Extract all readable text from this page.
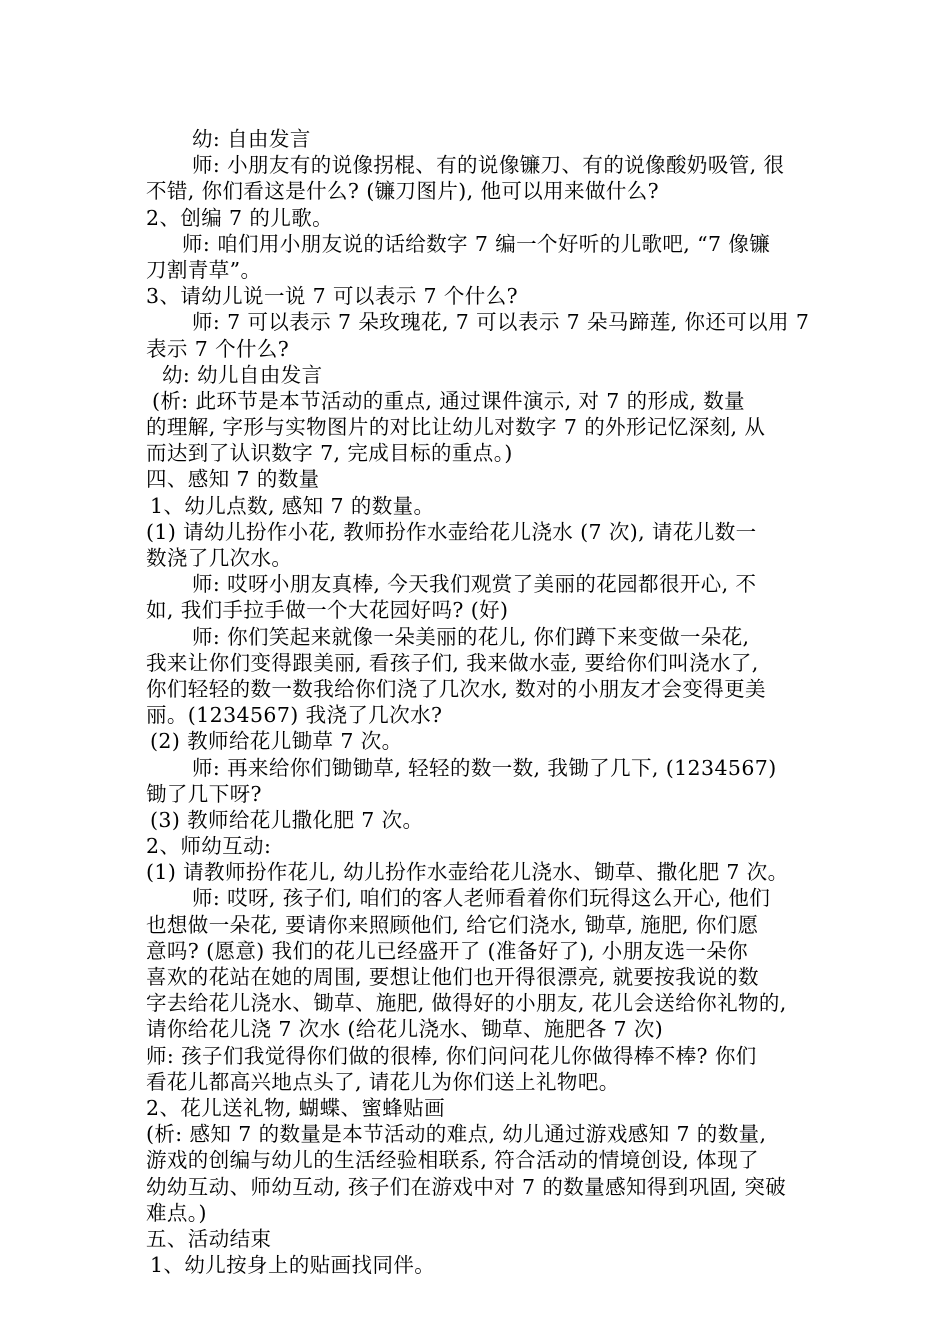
幼: 自由发言
师: 小朋友有的说像拐棍、有的说像镰刀、有的说像酸奶吸管, 很
不错, 你们看这是什么? (镰刀图片), 他可以用来做什么?
2、创编 7 的儿歌。
师: 咱们用小朋友说的话给数字 7 编一个好听的儿歌吧, “7 像镰
刀割青草”。
3、请幼儿说一说 7 可以表示 7 个什么?
师: 7 可以表示 7 朵玫瑰花, 7 可以表示 7 朵马蹄莲, 你还可以用 7
表示 7 个什么?
幼: 幼儿自由发言
(析: 此环节是本节活动的重点, 通过课件演示, 对 7 的形成, 数量
的理解, 字形与实物图片的对比让幼儿对数字 7 的外形记忆深刻, 从
而达到了认识数字 7, 完成目标的重点。)
四、感知 7 的数量
1、幼儿点数, 感知 7 的数量。
(1) 请幼儿扮作小花, 教师扮作水壶给花儿浇水 (7 次), 请花儿数一
数浇了几次水。
师: 哎呀小朋友真棒, 今天我们观赏了美丽的花园都很开心, 不
如, 我们手拉手做一个大花园好吗? (好)
师: 你们笑起来就像一朵美丽的花儿, 你们蹲下来变做一朵花,
我来让你们变得跟美丽, 看孩子们, 我来做水壶, 要给你们叫浇水了,
你们轻轻的数一数我给你们浇了几次水, 数对的小朋友才会变得更美
丽。(1234567) 我浇了几次水?
(2) 教师给花儿锄草 7 次。
师: 再来给你们锄锄草, 轻轻的数一数, 我锄了几下, (1234567)
锄了几下呀?
(3) 教师给花儿撒化肥 7 次。
2、师幼互动:
(1) 请教师扮作花儿, 幼儿扮作水壶给花儿浇水、锄草、撒化肥 7 次。
师: 哎呀, 孩子们, 咱们的客人老师看着你们玩得这么开心, 他们
也想做一朵花, 要请你来照顾他们, 给它们浇水, 锄草, 施肥, 你们愿
意吗? (愿意) 我们的花儿已经盛开了 (准备好了), 小朋友选一朵你
喜欢的花站在她的周围, 要想让他们也开得很漂亮, 就要按我说的数
字去给花儿浇水、锄草、施肥, 做得好的小朋友, 花儿会送给你礼物的,
请你给花儿浇 7 次水 (给花儿浇水、锄草、施肥各 7 次)
师: 孩子们我觉得你们做的很棒, 你们问问花儿你做得棒不棒? 你们
看花儿都高兴地点头了, 请花儿为你们送上礼物吧。
2、花儿送礼物, 蝴蝶、蜜蜂贴画
(析: 感知 7 的数量是本节活动的难点, 幼儿通过游戏感知 7 的数量,
游戏的创编与幼儿的生活经验相联系, 符合活动的情境创设, 体现了
幼幼互动、师幼互动, 孩子们在游戏中对 7 的数量感知得到巩固, 突破
难点。)
五、活动结束
1、幼儿按身上的贴画找同伴。
